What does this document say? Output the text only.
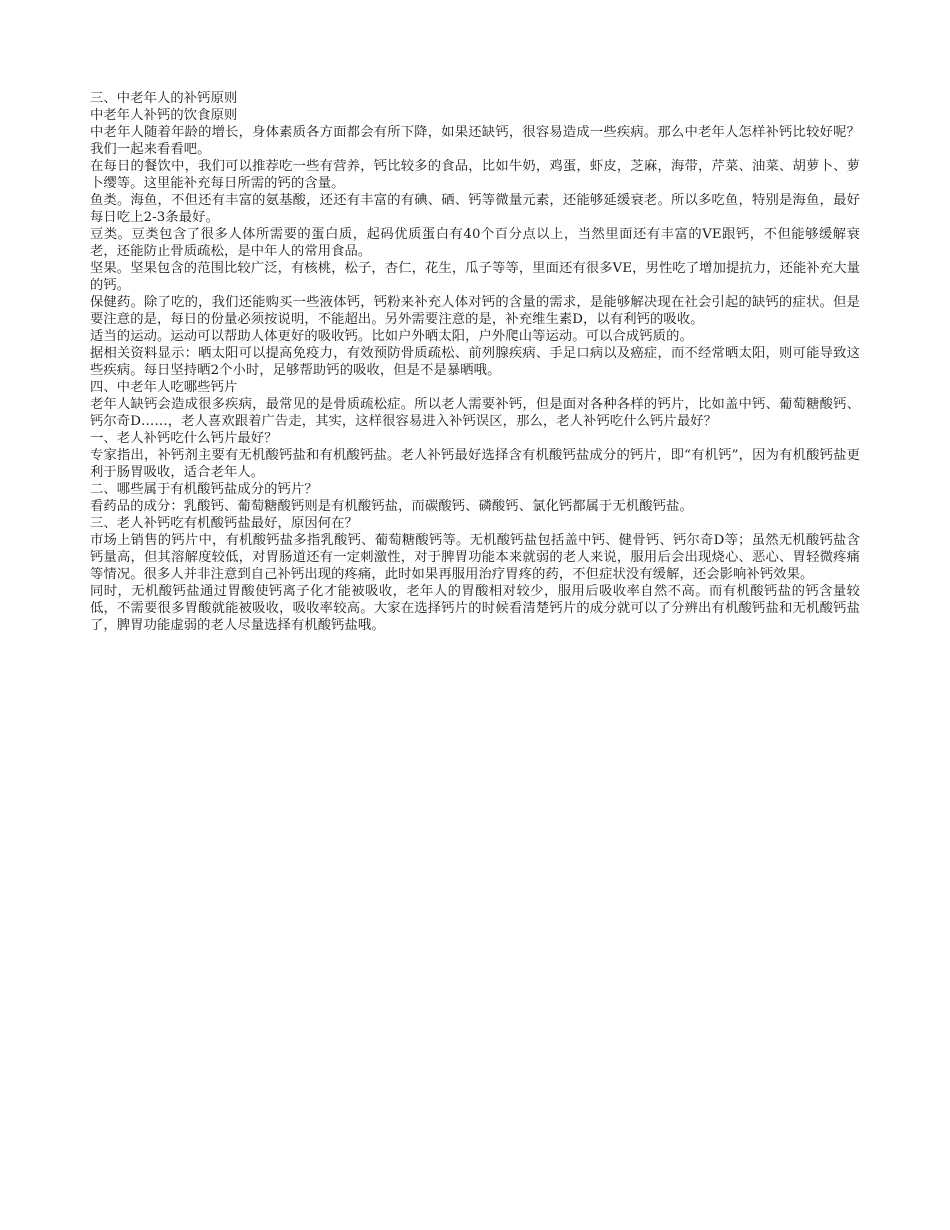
三、中老年人的补钙原则

中老年人补钙的饮食原则

中老年人随着年龄的增长，身体素质各方面都会有所下降，如果还缺钙，很容易造成一些疾病。那么中老年人怎样补钙比较好呢？我们一起来看看吧。

在每日的餐饮中，我们可以推荐吃一些有营养，钙比较多的食品，比如牛奶，鸡蛋，虾皮，芝麻，海带，芹菜、油菜、胡萝卜、萝卜缨等。这里能补充每日所需的钙的含量。

鱼类。海鱼，不但还有丰富的氨基酸，还还有丰富的有碘、硒、钙等微量元素，还能够延缓衰老。所以多吃鱼，特别是海鱼，最好每日吃上2-3条最好。

豆类。豆类包含了很多人体所需要的蛋白质，起码优质蛋白有40个百分点以上，当然里面还有丰富的VE跟钙，不但能够缓解衰老，还能防止骨质疏松，是中年人的常用食品。

坚果。坚果包含的范围比较广泛，有核桃，松子，杏仁，花生，瓜子等等，里面还有很多VE，男性吃了增加提抗力，还能补充大量的钙。

保健药。除了吃的，我们还能购买一些液体钙，钙粉来补充人体对钙的含量的需求，是能够解决现在社会引起的缺钙的症状。但是要注意的是，每日的份量必须按说明，不能超出。另外需要注意的是，补充维生素D，以有利钙的吸收。

适当的运动。运动可以帮助人体更好的吸收钙。比如户外晒太阳，户外爬山等运动。可以合成钙质的。

据相关资料显示：晒太阳可以提高免疫力，有效预防骨质疏松、前列腺疾病、手足口病以及癌症，而不经常晒太阳，则可能导致这些疾病。每日坚持晒2个小时，足够帮助钙的吸收，但是不是暴晒哦。

四、中老年人吃哪些钙片

老年人缺钙会造成很多疾病，最常见的是骨质疏松症。所以老人需要补钙，但是面对各种各样的钙片，比如盖中钙、葡萄糖酸钙、钙尔奇D……，老人喜欢跟着广告走，其实，这样很容易进入补钙误区，那么，老人补钙吃什么钙片最好？

一、老人补钙吃什么钙片最好？

专家指出，补钙剂主要有无机酸钙盐和有机酸钙盐。老人补钙最好选择含有机酸钙盐成分的钙片，即“有机钙”，因为有机酸钙盐更利于肠胃吸收，适合老年人。

二、哪些属于有机酸钙盐成分的钙片？

看药品的成分：乳酸钙、葡萄糖酸钙则是有机酸钙盐，而碳酸钙、磷酸钙、氯化钙都属于无机酸钙盐。

三、老人补钙吃有机酸钙盐最好，原因何在？

市场上销售的钙片中，有机酸钙盐多指乳酸钙、葡萄糖酸钙等。无机酸钙盐包括盖中钙、健骨钙、钙尔奇D等；虽然无机酸钙盐含钙量高，但其溶解度较低，对胃肠道还有一定刺激性，对于脾胃功能本来就弱的老人来说，服用后会出现烧心、恶心、胃轻微疼痛等情况。很多人并非注意到自己补钙出现的疼痛，此时如果再服用治疗胃疼的药，不但症状没有缓解，还会影响补钙效果。

同时，无机酸钙盐通过胃酸使钙离子化才能被吸收，老年人的胃酸相对较少，服用后吸收率自然不高。而有机酸钙盐的钙含量较低，不需要很多胃酸就能被吸收，吸收率较高。大家在选择钙片的时候看清楚钙片的成分就可以了分辨出有机酸钙盐和无机酸钙盐了，脾胃功能虚弱的老人尽量选择有机酸钙盐哦。
